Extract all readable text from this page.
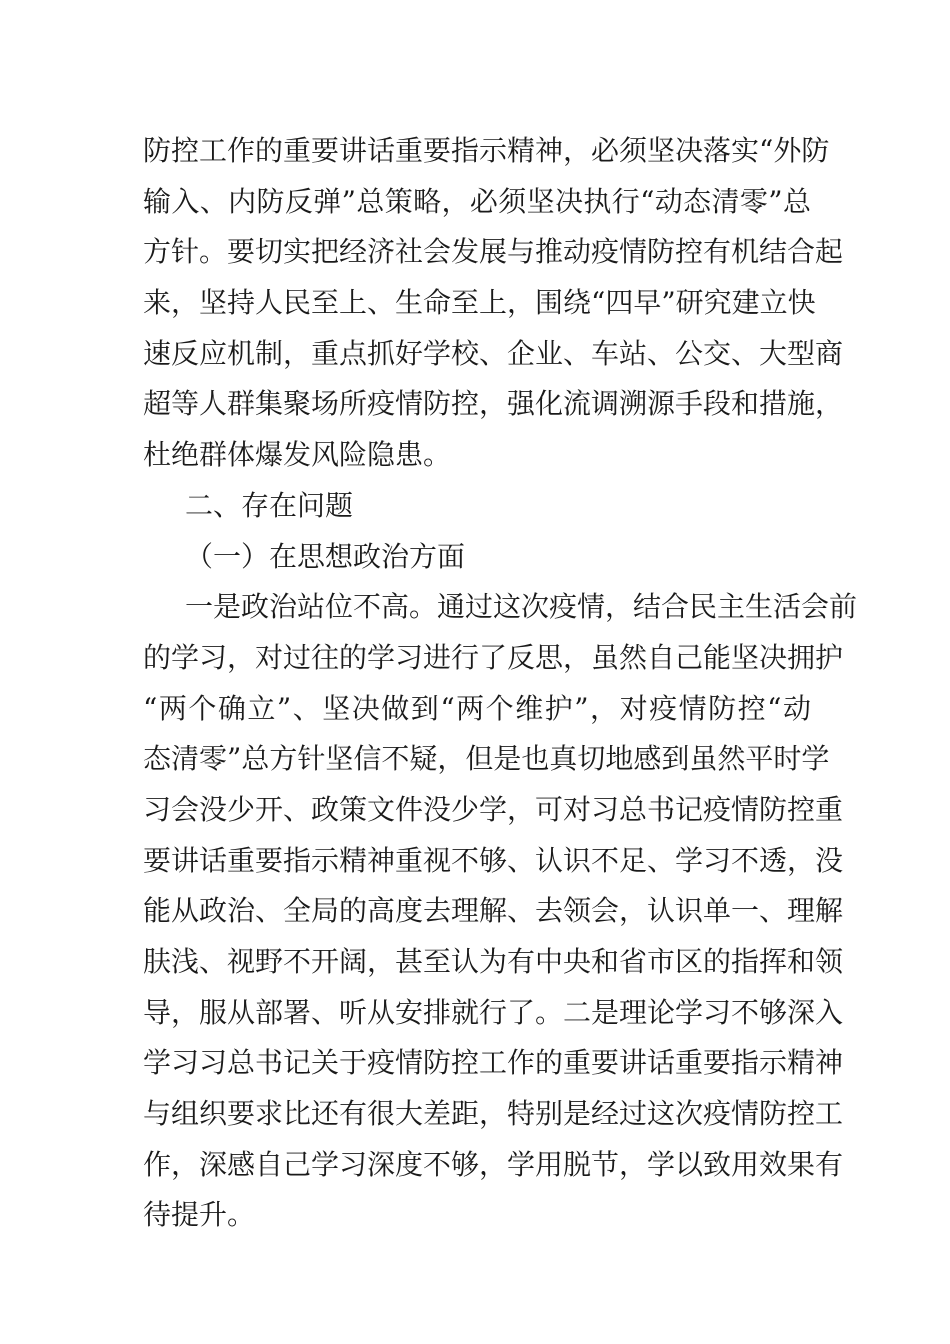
防控工作的重要讲话重要指示精神，必须坚决落实“外防
输入、内防反弹”总策略，必须坚决执行“动态清零”总
方针。要切实把经济社会发展与推动疫情防控有机结合起
来，坚持人民至上、生命至上，围绕“四早”研究建立快
速反应机制，重点抓好学校、企业、车站、公交、大型商
超等人群集聚场所疫情防控，强化流调溯源手段和措施，
杜绝群体爆发风险隐患。
二、存在问题
（一）在思想政治方面
一是政治站位不高。通过这次疫情，结合民主生活会前
的学习，对过往的学习进行了反思，虽然自己能坚决拥护
“两个确立”、坚决做到“两个维护”，对疫情防控“动
态清零”总方针坚信不疑，但是也真切地感到虽然平时学
习会没少开、政策文件没少学，可对习总书记疫情防控重
要讲话重要指示精神重视不够、认识不足、学习不透，没
能从政治、全局的高度去理解、去领会，认识单一、理解
肤浅、视野不开阔，甚至认为有中央和省市区的指挥和领
导，服从部署、听从安排就行了。二是理论学习不够深入
学习习总书记关于疫情防控工作的重要讲话重要指示精神
与组织要求比还有很大差距，特别是经过这次疫情防控工
作，深感自己学习深度不够，学用脱节，学以致用效果有
待提升。
